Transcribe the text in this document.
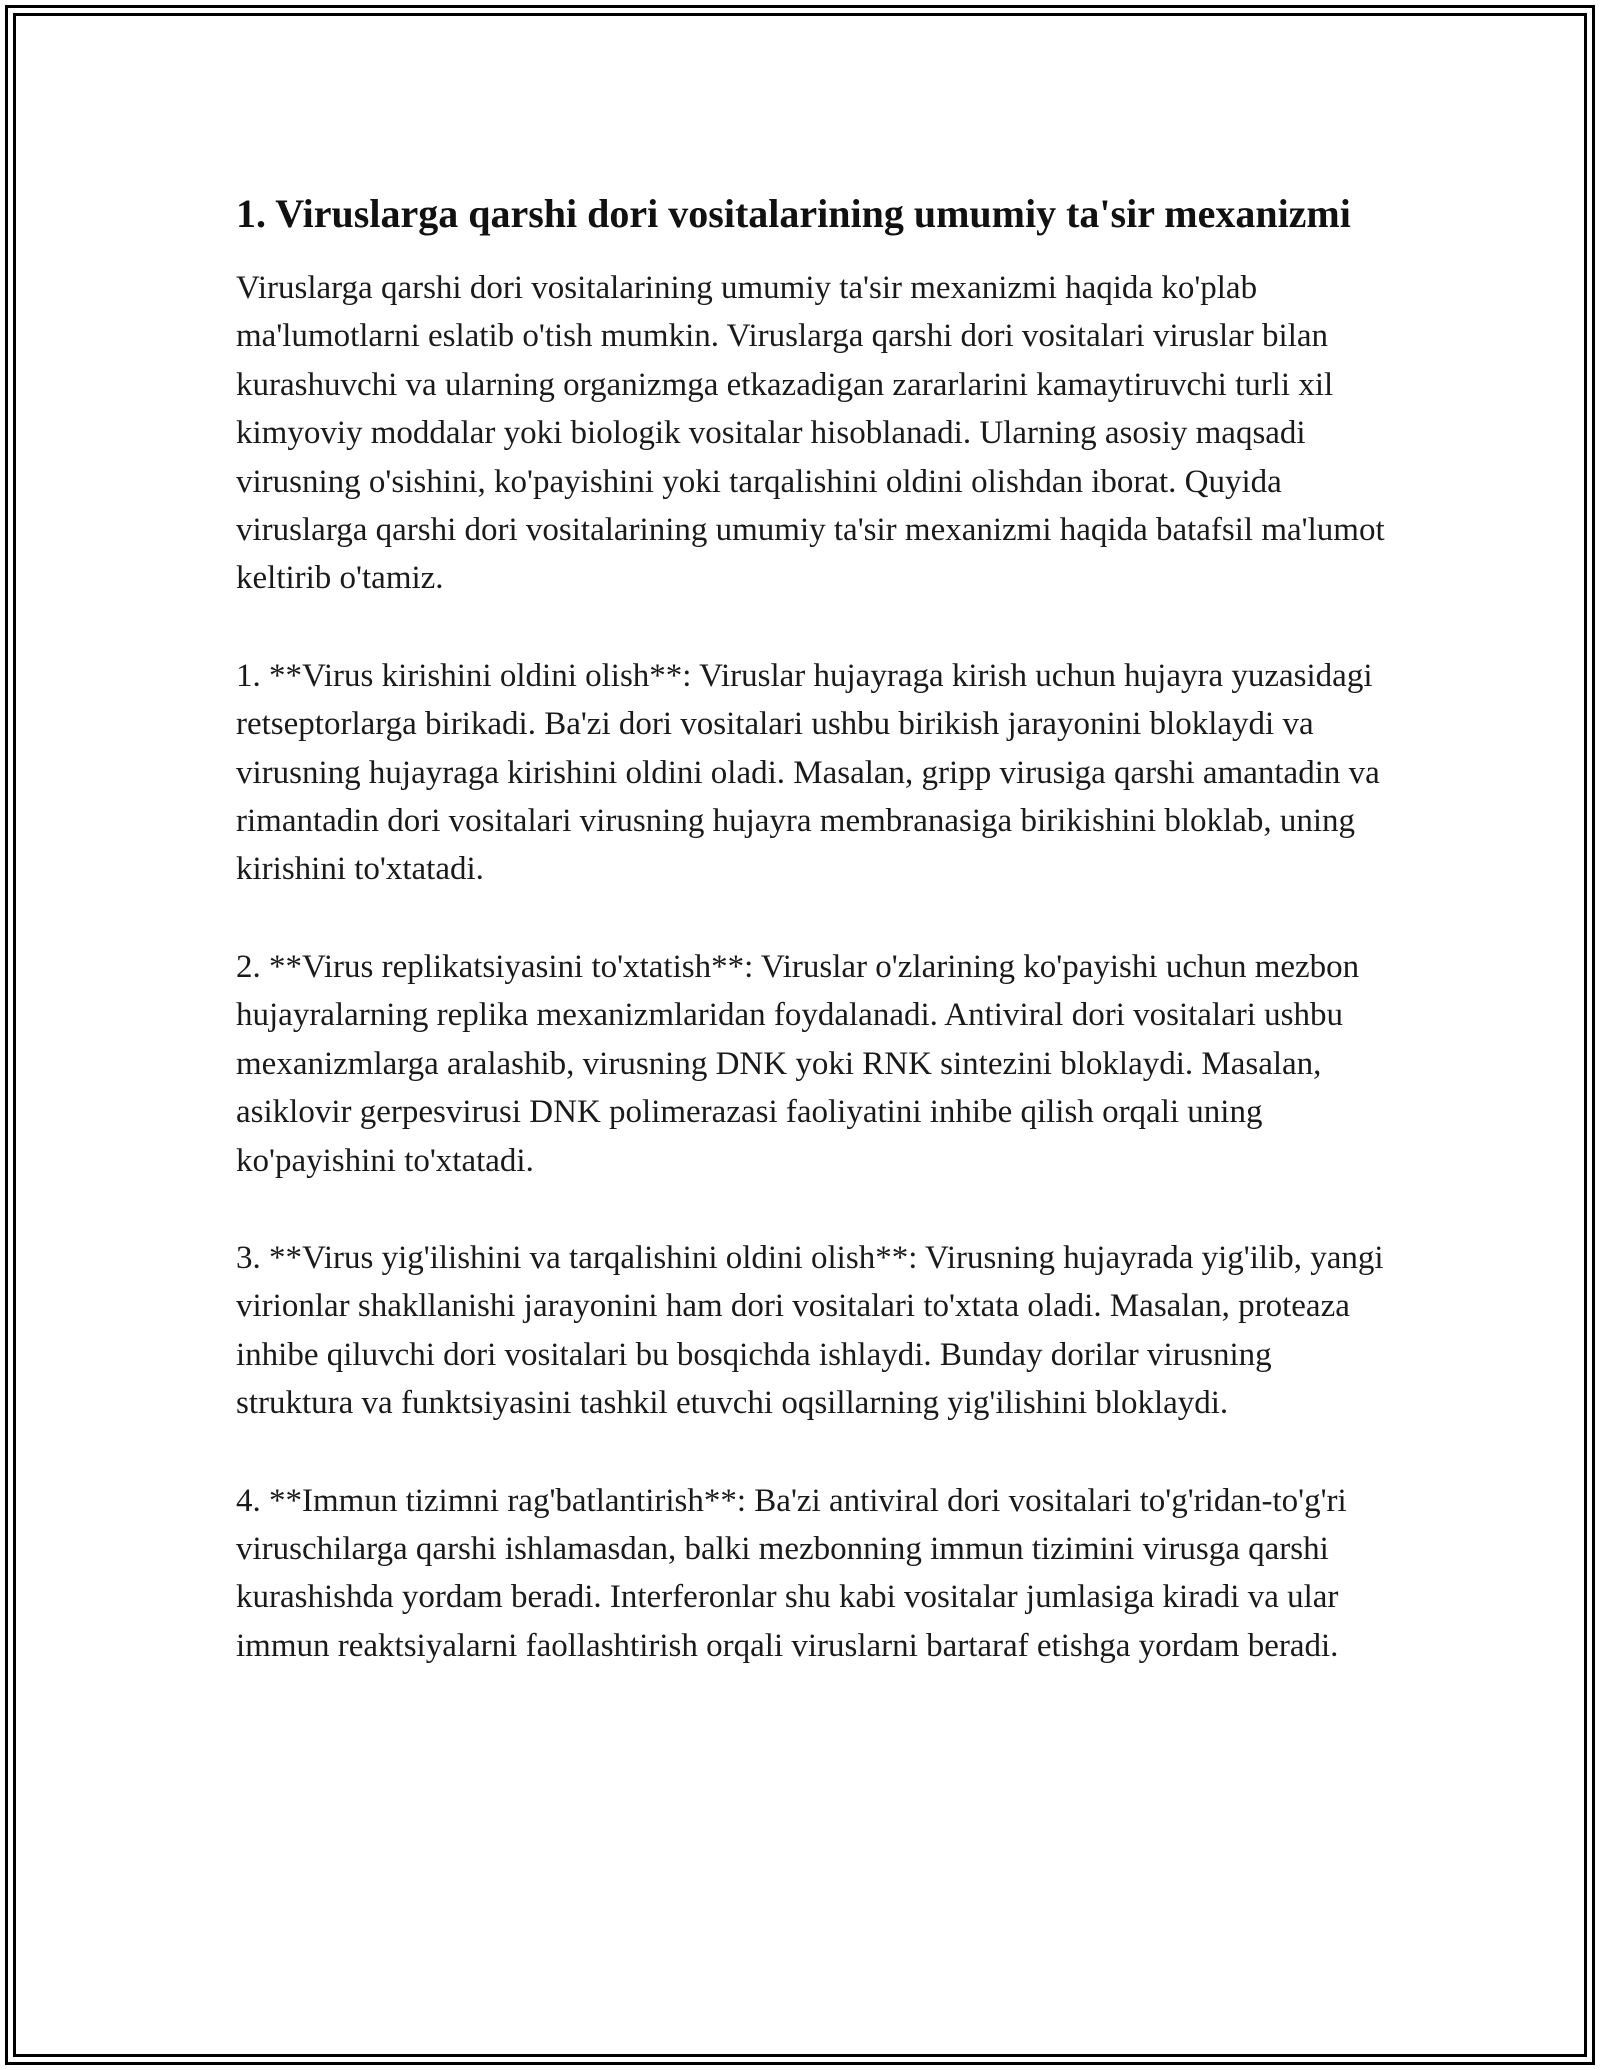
1. Viruslarga qarshi dori vositalarining umumiy ta'sir mexanizmi

Viruslarga qarshi dori vositalarining umumiy ta'sir mexanizmi haqida ko'plab ma'lumotlarni eslatib o'tish mumkin. Viruslarga qarshi dori vositalari viruslar bilan kurashuvchi va ularning organizmga etkazadigan zararlarini kamaytiruvchi turli xil kimyoviy moddalar yoki biologik vositalar hisoblanadi. Ularning asosiy maqsadi virusning o'sishini, ko'payishini yoki tarqalishini oldini olishdan iborat. Quyida viruslarga qarshi dori vositalarining umumiy ta'sir mexanizmi haqida batafsil ma'lumot keltirib o'tamiz.

1. **Virus kirishini oldini olish**: Viruslar hujayraga kirish uchun hujayra yuzasidagi retseptorlarga birikadi. Ba'zi dori vositalari ushbu birikish jarayonini bloklaydi va virusning hujayraga kirishini oldini oladi. Masalan, gripp virusiga qarshi amantadin va rimantadin dori vositalari virusning hujayra membranasiga birikishini bloklab, uning kirishini to'xtatadi.

2. **Virus replikatsiyasini to'xtatish**: Viruslar o'zlarining ko'payishi uchun mezbon hujayralarning replika mexanizmlaridan foydalanadi. Antiviral dori vositalari ushbu mexanizmlarga aralashib, virusning DNK yoki RNK sintezini bloklaydi. Masalan, asiklovir gerpesvirusi DNK polimerazasi faoliyatini inhibe qilish orqali uning ko'payishini to'xtatadi.

3. **Virus yig'ilishini va tarqalishini oldini olish**: Virusning hujayrada yig'ilib, yangi virionlar shakllanishi jarayonini ham dori vositalari to'xtata oladi. Masalan, proteaza inhibe qiluvchi dori vositalari bu bosqichda ishlaydi. Bunday dorilar virusning struktura va funktsiyasini tashkil etuvchi oqsillarning yig'ilishini bloklaydi.

4. **Immun tizimni rag'batlantirish**: Ba'zi antiviral dori vositalari to'g'ridan-to'g'ri viruschilarga qarshi ishlamasdan, balki mezbonning immun tizimini virusga qarshi kurashishda yordam beradi. Interferonlar shu kabi vositalar jumlasiga kiradi va ular immun reaktsiyalarni faollashtirish orqali viruslarni bartaraf etishga yordam beradi.
